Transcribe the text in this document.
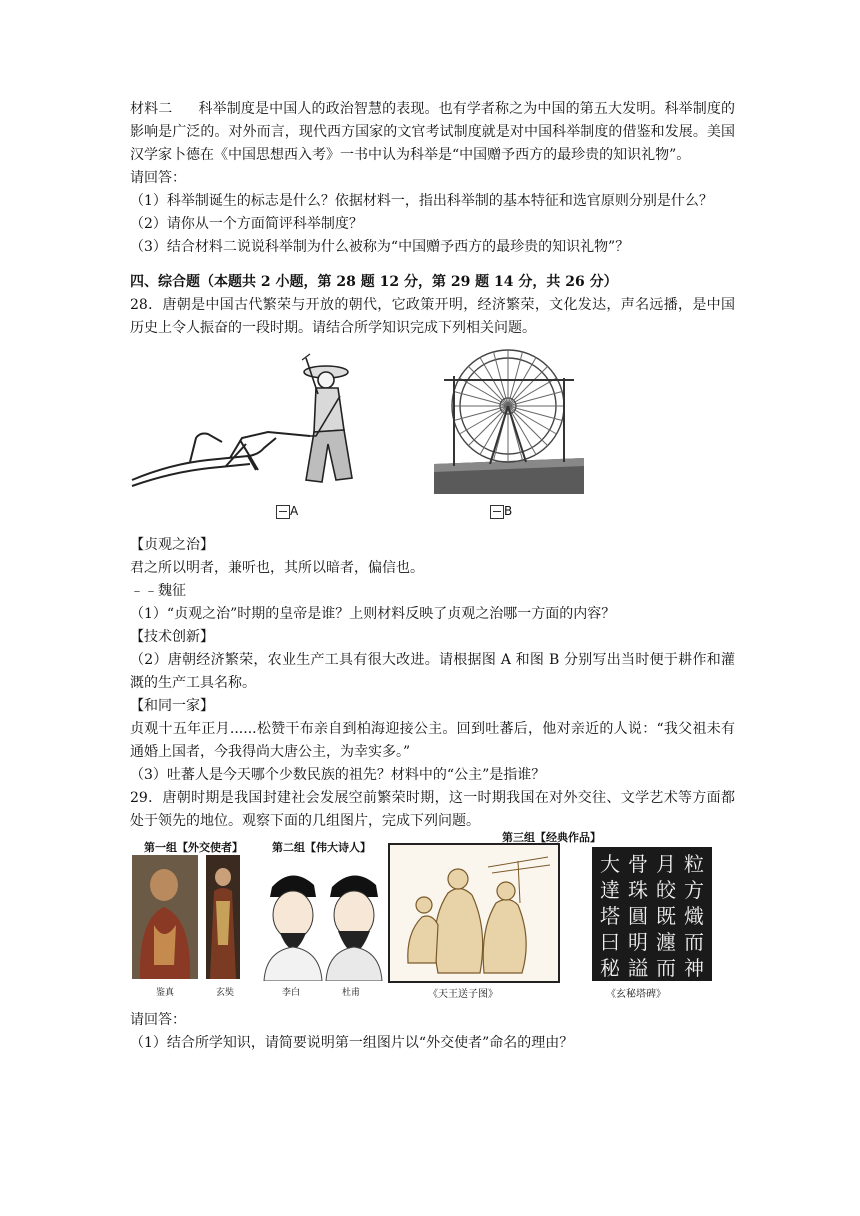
材料二 科举制度是中国人的政治智慧的表现。也有学者称之为中国的第五大发明。科举制度的影响是广泛的。对外而言，现代西方国家的文官考试制度就是对中国科举制度的借鉴和发展。美国汉学家卜德在《中国思想西入考》一书中认为科举是“中国赠予西方的最珍贵的知识礼物”。

请回答：

（1）科举制诞生的标志是什么？依据材料一，指出科举制的基本特征和选官原则分别是什么？

（2）请你从一个方面简评科举制度？

（3）结合材料二说说科举制为什么被称为“中国赠予西方的最珍贵的知识礼物”？

四、综合题（本题共 2 小题，第 28 题 12 分，第 29 题 14 分，共 26 分）

28．唐朝是中国古代繁荣与开放的朝代，它政策开明，经济繁荣，文化发达，声名远播，是中国历史上令人振奋的一段时期。请结合所学知识完成下列相关问题。

A	B

【贞观之治】

君之所以明者，兼听也，其所以暗者，偏信也。

﹣﹣魏征

（1）“贞观之治”时期的皇帝是谁？上则材料反映了贞观之治哪一方面的内容？

【技术创新】

（2）唐朝经济繁荣，农业生产工具有很大改进。请根据图 A 和图 B 分别写出当时便于耕作和灌溉的生产工具名称。

【和同一家】

贞观十五年正月......松赞干布亲自到柏海迎接公主。回到吐蕃后，他对亲近的人说：“我父祖未有通婚上国者，今我得尚大唐公主，为幸实多。”

（3）吐蕃人是今天哪个少数民族的祖先？材料中的“公主”是指谁？

29．唐朝时期是我国封建社会发展空前繁荣时期，这一时期我国在对外交往、文学艺术等方面都处于领先的地位。观察下面的几组图片，完成下列问题。

第一组【外交使者】
鉴真	玄奘
第二组【伟大诗人】
李白	杜甫
第三组【经典作品】
《天王送子图》
大 骨 月 粒
達 珠 皎 方
塔 圓 既 熾
曰 明 瀍 而
秘 謚 而 神
《玄秘塔碑》

请回答：

（1）结合所学知识，请简要说明第一组图片以“外交使者”命名的理由？
